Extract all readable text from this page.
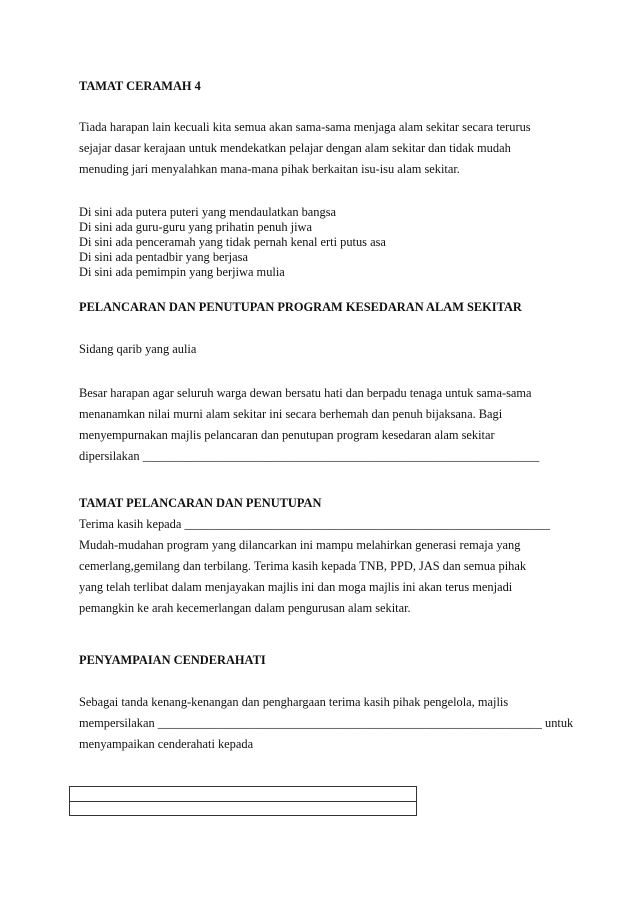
TAMAT CERAMAH 4
Tiada harapan lain kecuali kita semua akan sama-sama menjaga alam sekitar secara terurus
sejajar dasar kerajaan untuk mendekatkan pelajar dengan alam sekitar dan tidak mudah
menuding jari menyalahkan mana-mana pihak berkaitan isu-isu alam sekitar.
Di sini ada putera puteri yang mendaulatkan bangsa
Di sini ada guru-guru yang prihatin penuh jiwa
Di sini ada penceramah yang tidak pernah kenal erti putus asa
Di sini ada pentadbir yang berjasa
Di sini ada pemimpin yang berjiwa mulia
PELANCARAN DAN PENUTUPAN PROGRAM KESEDARAN ALAM SEKITAR
Sidang qarib yang aulia
Besar harapan agar seluruh warga dewan bersatu hati dan berpadu tenaga untuk sama-sama
menanamkan nilai murni alam sekitar ini secara berhemah dan penuh bijaksana. Bagi
menyempurnakan majlis pelancaran dan penutupan program kesedaran alam sekitar
dipersilakan ________________________________________________________________
TAMAT PELANCARAN DAN PENUTUPAN
Terima kasih kepada ___________________________________________________________
Mudah-mudahan program yang dilancarkan ini mampu melahirkan generasi remaja yang
cemerlang,gemilang dan terbilang. Terima kasih kepada TNB, PPD, JAS dan semua pihak
yang telah terlibat dalam menjayakan majlis ini dan moga majlis ini akan terus menjadi
pemangkin ke arah kecemerlangan dalam pengurusan alam sekitar.
PENYAMPAIAN CENDERAHATI
Sebagai tanda kenang-kenangan dan penghargaan terima kasih pihak pengelola, majlis
mempersilakan ______________________________________________________________ untuk
menyampaikan cenderahati kepada
